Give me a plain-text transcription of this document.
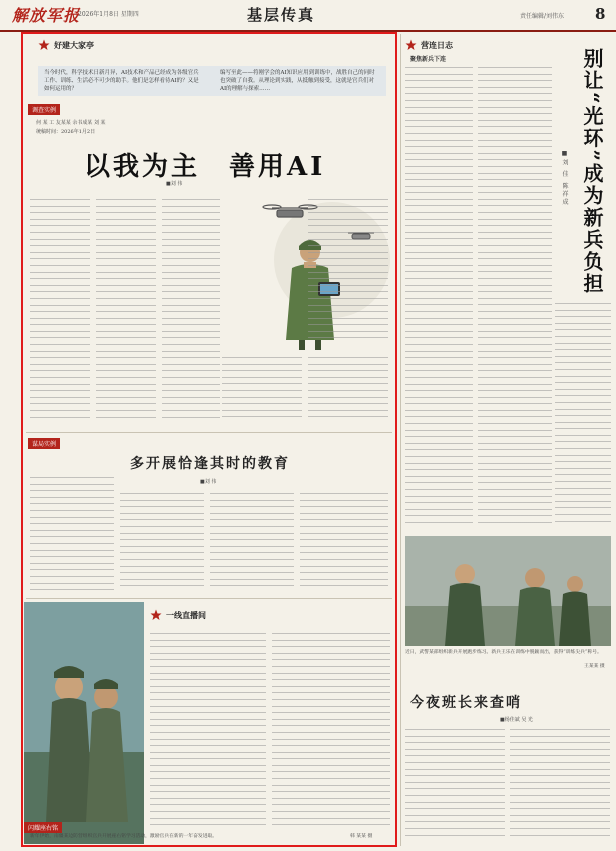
解放军报
2026年1月8日 星期四	基层传真	责任编辑/刘伟东 8
好建大家亭

当今时代，科学技术日新月异，AI技术和产品已经成为各级官兵工作、训练、生活必不可少的助手。他们是怎样看待AI的？又是如何运用的？

编写至此——将刚学会的AI知识应用到训练中，战胜自己的同时也突破了自我。从理论到实践，从抵触到接受，这就是官兵们对AI的理解与探索……

调查实例
何 某 工 友某某 余书成某 刘 某
统稿时间：2026年1月2日
以我为主　善用AI
■刘 伟
谋局实例
多开展恰逢其时的教育
■刘 伟
闪耀座右铭
新年伊始，南疆某边防营组织官兵开展座右铭学习活动，激励官兵在新的一年奋发进取。	韩 某某 摄
一线直播间
营连日志
聚焦新兵下连	别让“光环”成为新兵负担
■刘 佳 陈祥成
近日，武警某部组织新兵开展跑步练习。新兵王乐在训练中脱颖而出，获得“训练尖兵”称号。
王某某 摄
今夜班长来查哨
■杨佳斌 吴 光
